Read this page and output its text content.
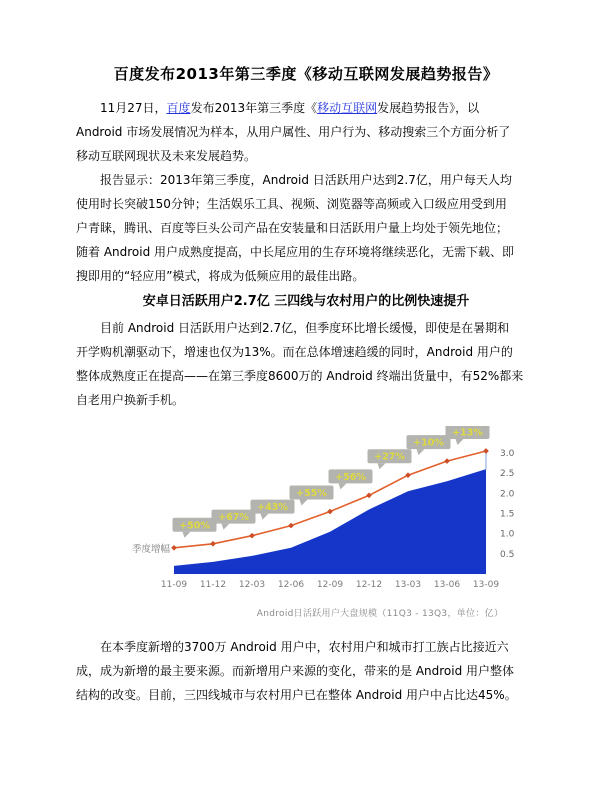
百度发布2013年第三季度《移动互联网发展趋势报告》
11月27日，百度发布2013年第三季度《移动互联网发展趋势报告》，以
Android 市场发展情况为样本，从用户属性、用户行为、移动搜索三个方面分析了
移动互联网现状及未来发展趋势。
报告显示：2013年第三季度，Android 日活跃用户达到2.7亿，用户每天人均
使用时长突破150分钟；生活娱乐工具、视频、浏览器等高频或入口级应用受到用
户青睐，腾讯、百度等巨头公司产品在安装量和日活跃用户量上均处于领先地位；
随着 Android 用户成熟度提高，中长尾应用的生存环境将继续恶化，无需下载、即
搜即用的“轻应用”模式，将成为低频应用的最佳出路。
安卓日活跃用户2.7亿 三四线与农村用户的比例快速提升
目前 Android 日活跃用户达到2.7亿，但季度环比增长缓慢，即使是在暑期和
开学购机潮驱动下，增速也仅为13%。而在总体增速趋缓的同时，Android 用户的
整体成熟度正在提高——在第三季度8600万的 Android 终端出货量中，有52%都来
自老用户换新手机。
+50%
+67%
+43%
+55%
+56%
+27%
+10%
+13%
0.5
1.0
1.5
2.0
2.5
3.0
11-09 11-12 12-03 12-06 12-09 12-12 13-03 13-06 13-09
季度增幅
Android日活跃用户大盘规模（11Q3 - 13Q3，单位：亿）
在本季度新增的3700万 Android 用户中，农村用户和城市打工族占比接近六
成，成为新增的最主要来源。而新增用户来源的变化，带来的是 Android 用户整体
结构的改变。目前，三四线城市与农村用户已在整体 Android 用户中占比达45%。
